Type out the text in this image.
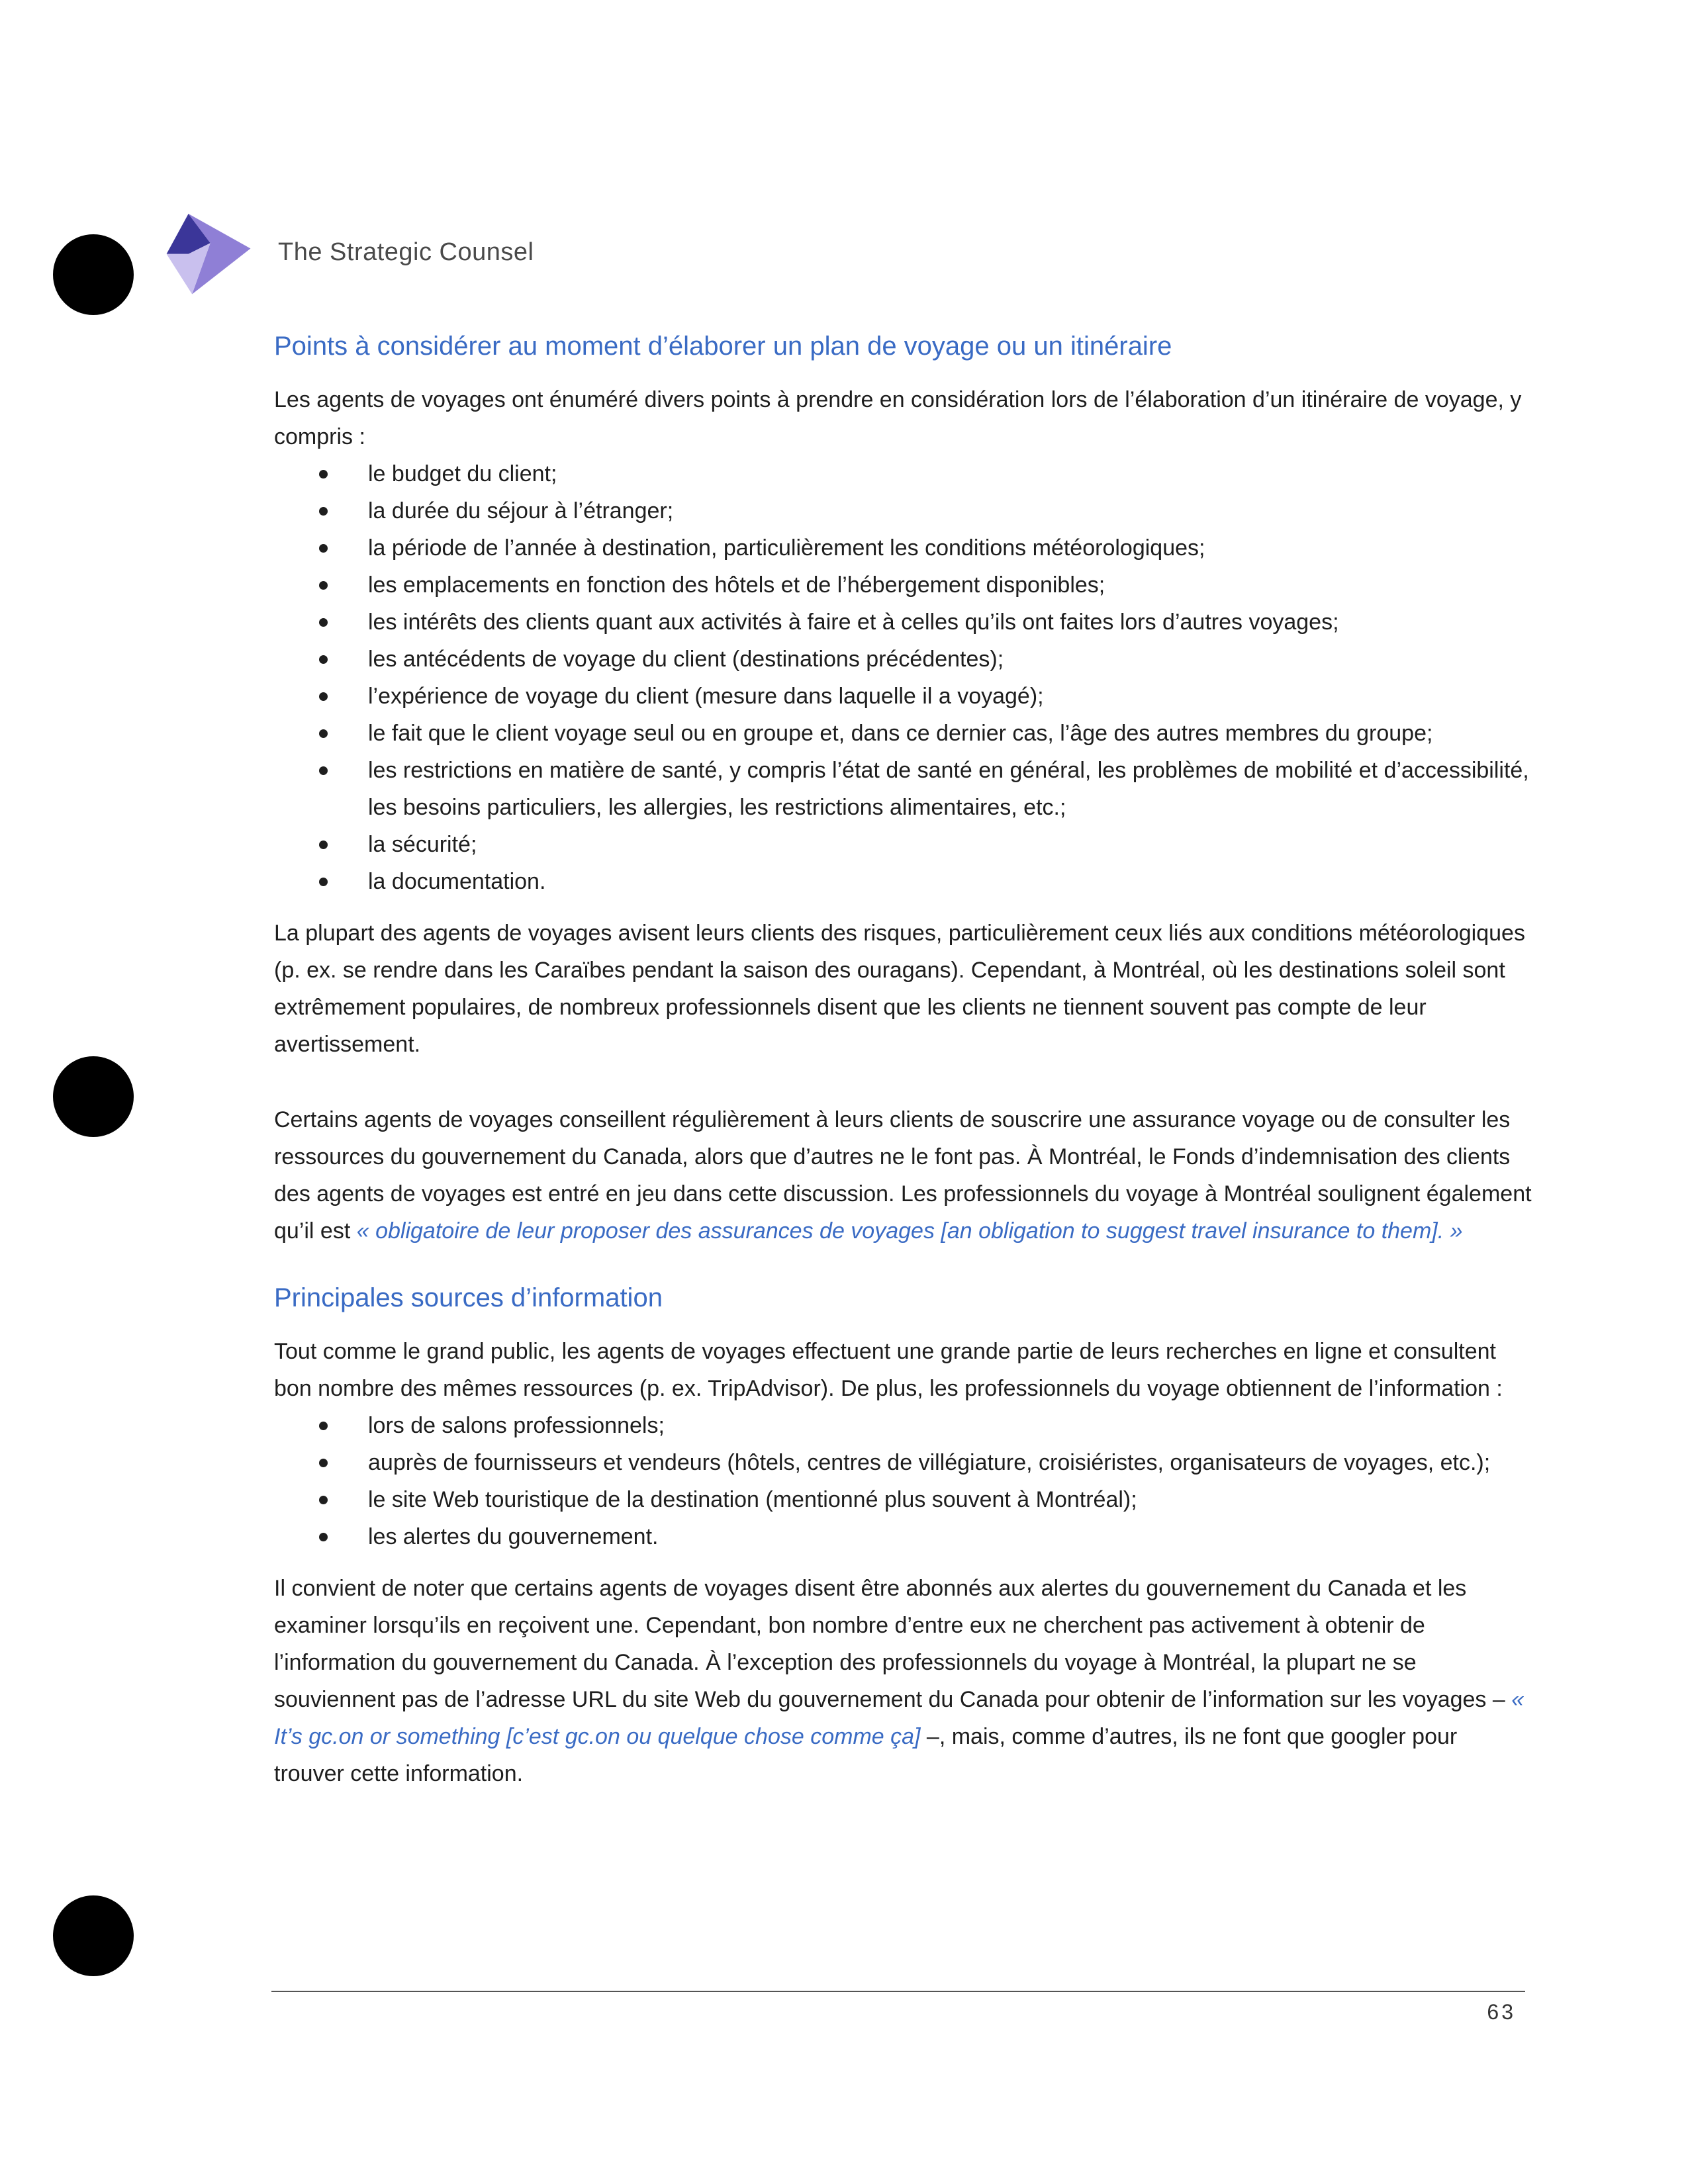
The Strategic Counsel
Points à considérer au moment d’élaborer un plan de voyage ou un itinéraire

Les agents de voyages ont énuméré divers points à prendre en considération lors de l’élaboration d’un itinéraire de voyage, y compris :

le budget du client;
la durée du séjour à l’étranger;
la période de l’année à destination, particulièrement les conditions météorologiques;
les emplacements en fonction des hôtels et de l’hébergement disponibles;
les intérêts des clients quant aux activités à faire et à celles qu’ils ont faites lors d’autres voyages;
les antécédents de voyage du client (destinations précédentes);
l’expérience de voyage du client (mesure dans laquelle il a voyagé);
le fait que le client voyage seul ou en groupe et, dans ce dernier cas, l’âge des autres membres du groupe;
les restrictions en matière de santé, y compris l’état de santé en général, les problèmes de mobilité et d’accessibilité, les besoins particuliers, les allergies, les restrictions alimentaires, etc.;
la sécurité;
la documentation.

La plupart des agents de voyages avisent leurs clients des risques, particulièrement ceux liés aux conditions météorologiques (p. ex. se rendre dans les Caraïbes pendant la saison des ouragans). Cependant, à Montréal, où les destinations soleil sont extrêmement populaires, de nombreux professionnels disent que les clients ne tiennent souvent pas compte de leur avertissement.

Certains agents de voyages conseillent régulièrement à leurs clients de souscrire une assurance voyage ou de consulter les ressources du gouvernement du Canada, alors que d’autres ne le font pas. À Montréal, le Fonds d’indemnisation des clients des agents de voyages est entré en jeu dans cette discussion. Les professionnels du voyage à Montréal soulignent également qu’il est « obligatoire de leur proposer des assurances de voyages [an obligation to suggest travel insurance to them]. »

Principales sources d’information

Tout comme le grand public, les agents de voyages effectuent une grande partie de leurs recherches en ligne et consultent bon nombre des mêmes ressources (p. ex. TripAdvisor). De plus, les professionnels du voyage obtiennent de l’information :

lors de salons professionnels;
auprès de fournisseurs et vendeurs (hôtels, centres de villégiature, croisiéristes, organisateurs de voyages, etc.);
le site Web touristique de la destination (mentionné plus souvent à Montréal);
les alertes du gouvernement.

Il convient de noter que certains agents de voyages disent être abonnés aux alertes du gouvernement du Canada et les examiner lorsqu’ils en reçoivent une. Cependant, bon nombre d’entre eux ne cherchent pas activement à obtenir de l’information du gouvernement du Canada. À l’exception des professionnels du voyage à Montréal, la plupart ne se souviennent pas de l’adresse URL du site Web du gouvernement du Canada pour obtenir de l’information sur les voyages – « It’s gc.on or something [c’est gc.on ou quelque chose comme ça] –, mais, comme d’autres, ils ne font que googler pour trouver cette information.

63
